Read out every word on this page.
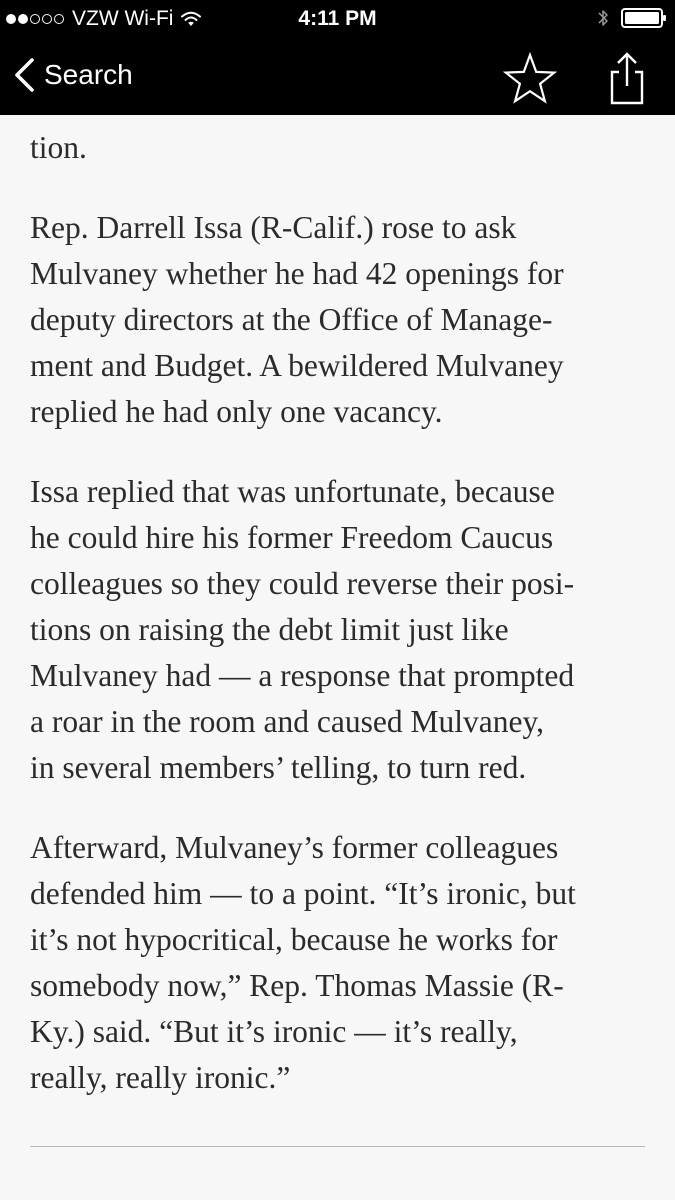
VZW Wi-Fi	4:11 PM
Search

tion.

Rep. Darrell Issa (R-Calif.) rose to ask
Mulvaney whether he had 42 openings for
deputy directors at the Office of Manage-
ment and Budget. A bewildered Mulvaney
replied he had only one vacancy.

Issa replied that was unfortunate, because
he could hire his former Freedom Caucus
colleagues so they could reverse their posi-
tions on raising the debt limit just like
Mulvaney had — a response that prompted
a roar in the room and caused Mulvaney,
in several members’ telling, to turn red.

Afterward, Mulvaney’s former colleagues
defended him — to a point. “It’s ironic, but
it’s not hypocritical, because he works for
somebody now,” Rep. Thomas Massie (R-
Ky.) said. “But it’s ironic — it’s really,
really, really ironic.”
